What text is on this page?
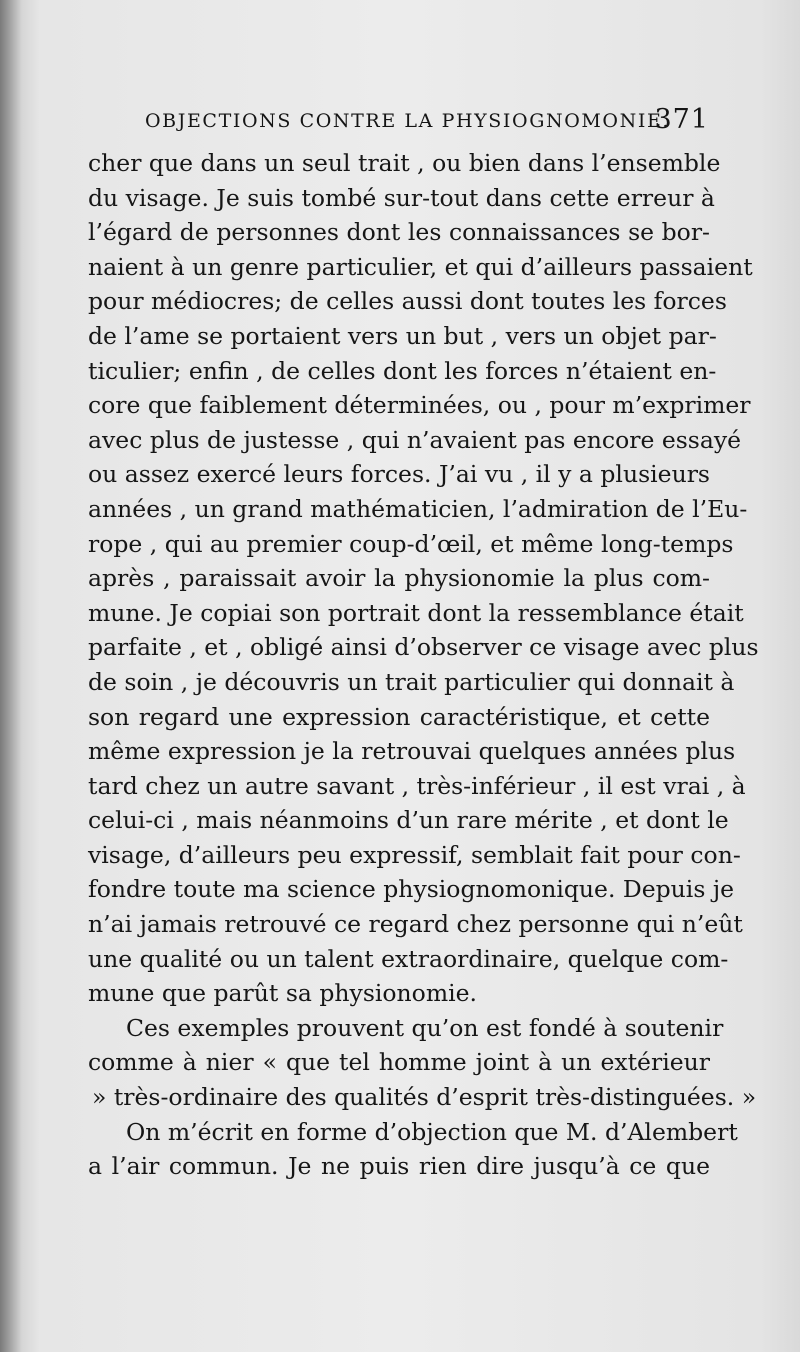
OBJECTIONS CONTRE LA PHYSIOGNOMONIE.
371
cher que dans un seul trait , ou bien dans l’ensemble
du visage. Je suis tombé sur-tout dans cette erreur à
l’égard de personnes dont les connaissances se bor-
naient à un genre particulier, et qui d’ailleurs passaient
pour médiocres; de celles aussi dont toutes les forces
de l’ame se portaient vers un but , vers un objet par-
ticulier; enfin , de celles dont les forces n’étaient en-
core que faiblement déterminées, ou , pour m’exprimer
avec plus de justesse , qui n’avaient pas encore essayé
ou assez exercé leurs forces. J’ai vu , il y a plusieurs
années , un grand mathématicien, l’admiration de l’Eu-
rope , qui au premier coup-d’œil, et même long-temps
après , paraissait avoir la physionomie la plus com-
mune. Je copiai son portrait dont la ressemblance était
parfaite , et , obligé ainsi d’observer ce visage avec plus
de soin , je découvris un trait particulier qui donnait à
son regard une expression caractéristique, et cette
même expression je la retrouvai quelques années plus
tard chez un autre savant , très-inférieur , il est vrai , à
celui-ci , mais néanmoins d’un rare mérite , et dont le
visage, d’ailleurs peu expressif, semblait fait pour con-
fondre toute ma science physiognomonique. Depuis je
n’ai jamais retrouvé ce regard chez personne qui n’eût
une qualité ou un talent extraordinaire, quelque com-
mune que parût sa physionomie.
Ces exemples prouvent qu’on est fondé à soutenir
comme à nier « que tel homme joint à un extérieur
» très-ordinaire des qualités d’esprit très-distinguées. »
On m’écrit en forme d’objection que M. d’Alembert
a l’air commun. Je ne puis rien dire jusqu’à ce que
